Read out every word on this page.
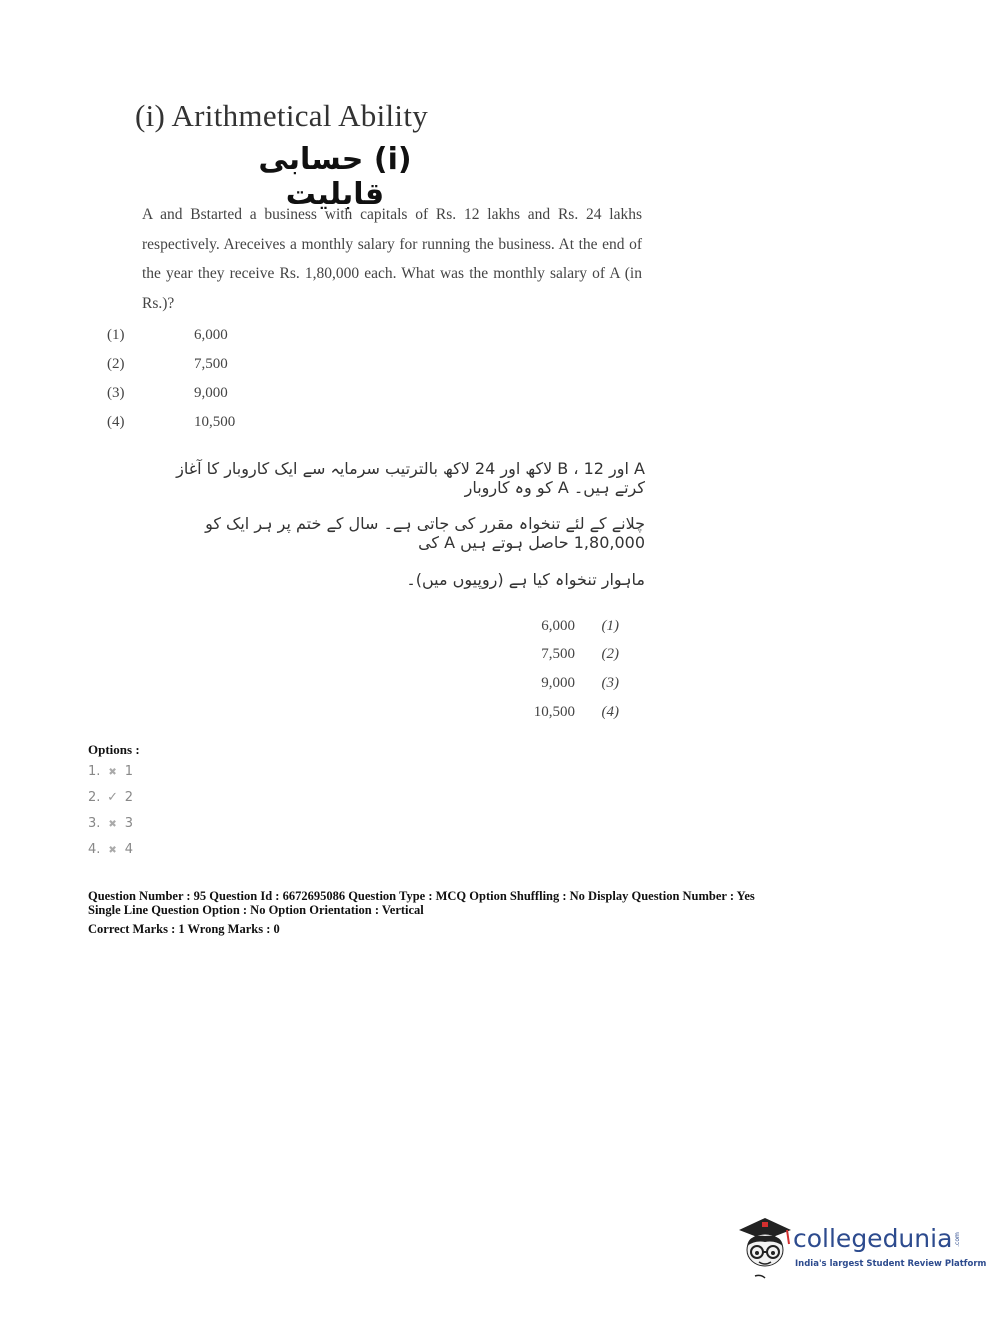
(i) Arithmetical Ability
(i) حسابی قابلیت
A and Bstarted a business with capitals of Rs. 12 lakhs and Rs. 24 lakhs respectively. Areceives a monthly salary for running the business. At the end of the year they receive Rs. 1,80,000 each. What was the monthly salary of A (in Rs.)?
(1)	6,000
(2)	7,500
(3)	9,000
(4)	10,500
A اور B ، 12 لاکھ اور 24 لاکھ بالترتیب سرمایہ سے ایک کاروبار کا آغاز کرتے ہیں۔ A کو وہ کاروبار
چلانے کے لئے تنخواہ مقرر کی جاتی ہے۔ سال کے ختم پر ہر ایک کو 1,80,000 حاصل ہوتے ہیں A کی
ماہوار تنخواہ کیا ہے (روپیوں میں)۔
6,000 (1)
7,500 (2)
9,000 (3)
10,500 (4)
Options :
1. ✖ 1
2. ✓ 2
3. ✖ 3
4. ✖ 4
Question Number : 95 Question Id : 6672695086 Question Type : MCQ Option Shuffling : No Display Question Number : Yes
Single Line Question Option : No Option Orientation : Vertical
Correct Marks : 1 Wrong Marks : 0
collegedunia .com
India's largest Student Review Platform
